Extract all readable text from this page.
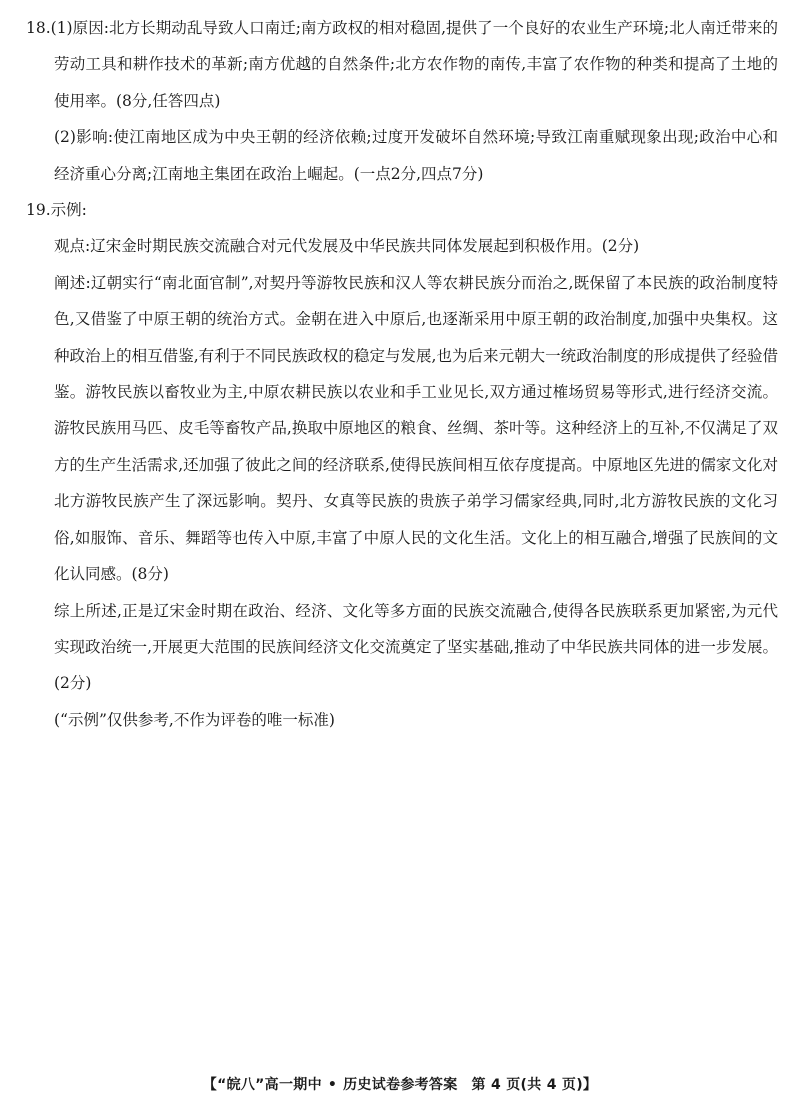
18.(1)原因:北方长期动乱导致人口南迁;南方政权的相对稳固,提供了一个良好的农业生产环境;北人南迁带来的劳动工具和耕作技术的革新;南方优越的自然条件;北方农作物的南传,丰富了农作物的种类和提高了土地的使用率。(8分,任答四点)

(2)影响:使江南地区成为中央王朝的经济依赖;过度开发破坏自然环境;导致江南重赋现象出现;政治中心和经济重心分离;江南地主集团在政治上崛起。(一点2分,四点7分)

19.示例:

观点:辽宋金时期民族交流融合对元代发展及中华民族共同体发展起到积极作用。(2分)

阐述:辽朝实行“南北面官制”,对契丹等游牧民族和汉人等农耕民族分而治之,既保留了本民族的政治制度特色,又借鉴了中原王朝的统治方式。金朝在进入中原后,也逐渐采用中原王朝的政治制度,加强中央集权。这种政治上的相互借鉴,有利于不同民族政权的稳定与发展,也为后来元朝大一统政治制度的形成提供了经验借鉴。游牧民族以畜牧业为主,中原农耕民族以农业和手工业见长,双方通过榷场贸易等形式,进行经济交流。游牧民族用马匹、皮毛等畜牧产品,换取中原地区的粮食、丝绸、茶叶等。这种经济上的互补,不仅满足了双方的生产生活需求,还加强了彼此之间的经济联系,使得民族间相互依存度提高。中原地区先进的儒家文化对北方游牧民族产生了深远影响。契丹、女真等民族的贵族子弟学习儒家经典,同时,北方游牧民族的文化习俗,如服饰、音乐、舞蹈等也传入中原,丰富了中原人民的文化生活。文化上的相互融合,增强了民族间的文化认同感。(8分)

综上所述,正是辽宋金时期在政治、经济、文化等多方面的民族交流融合,使得各民族联系更加紧密,为元代实现政治统一,开展更大范围的民族间经济文化交流奠定了坚实基础,推动了中华民族共同体的进一步发展。(2分)

(“示例”仅供参考,不作为评卷的唯一标准)

【“皖八”高一期中 • 历史试卷参考答案 第 4 页(共 4 页)】
